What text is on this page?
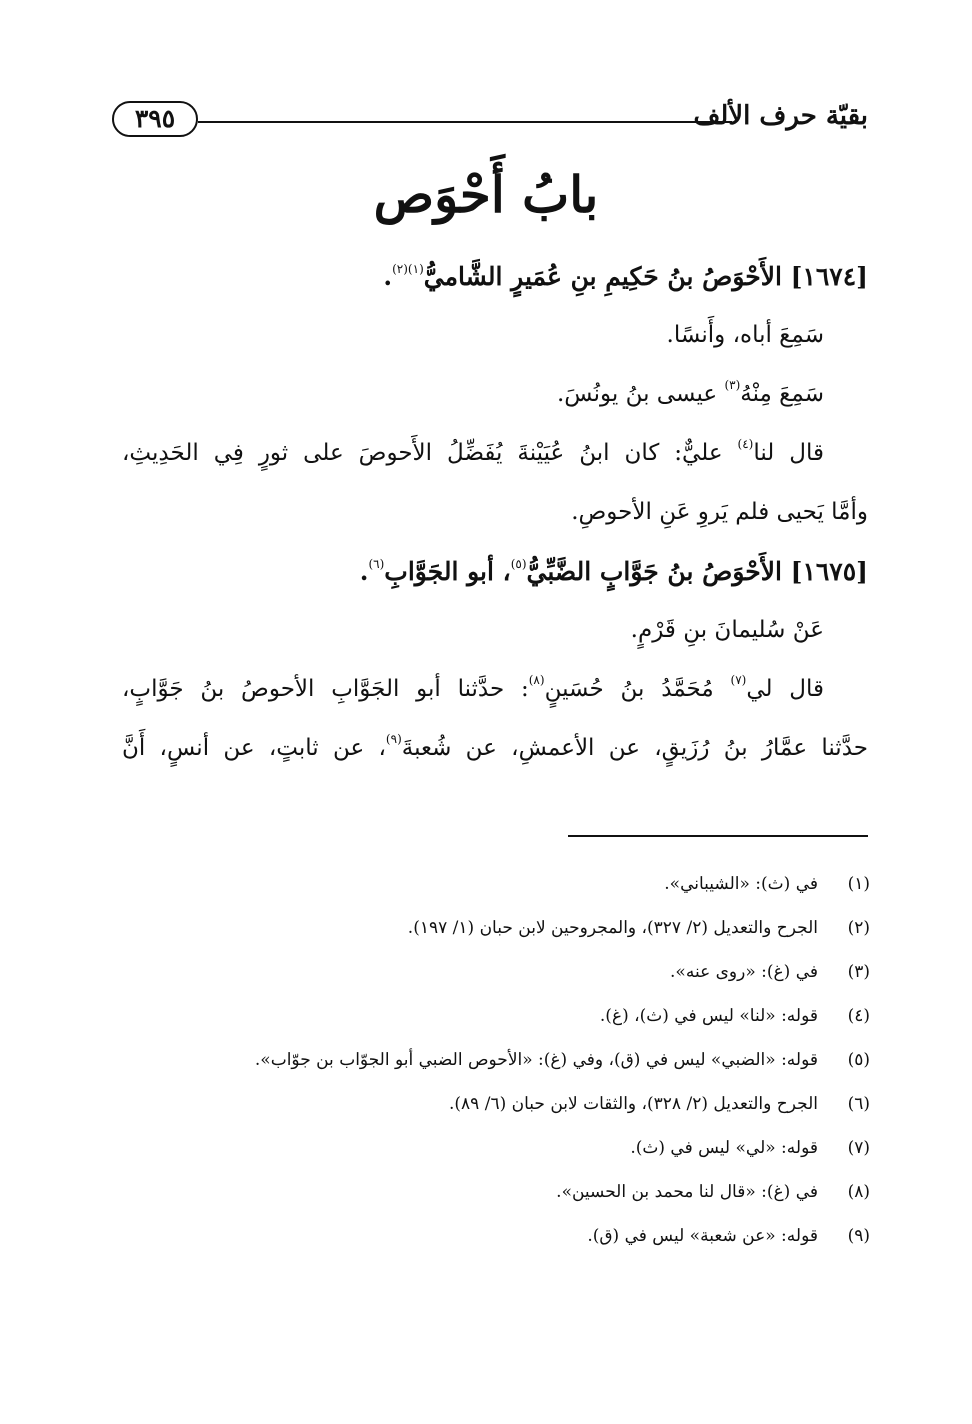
٣٩٥	بقيّة حرف الألف
بابُ أَحْوَص
[١٦٧٤] الأَحْوَصُ بنُ حَكِيمِ بنِ عُمَيرٍ الشَّاميُّ$^{(١)(٢)}$.
سَمِعَ أباه، وأَنسًا.
سَمِعَ مِنْهُ$^{(٣)}$ عيسى بنُ يونُسَ.
قال لنا$^{(٤)}$ عليٌّ: كان ابنُ عُيَيْنةَ يُفَضِّلُ الأَحوصَ على ثورٍ فِي الحَدِيثِ،
وأمَّا يَحيى فلم يَروِ عَنِ الأحوصِ.
[١٦٧٥] الأَحْوَصُ بنُ جَوَّابٍ الضَّبِّيُّ$^{(٥)}$، أبو الجَوَّابِ$^{(٦)}$.
عَنْ سُليمانَ بنِ قَرْمٍ.
قال لي$^{(٧)}$ مُحَمَّدُ بنُ حُسَينٍ$^{(٨)}$: حدَّثنا أبو الجَوَّابِ الأحوصُ بنُ جَوَّابٍ،
حدَّثنا عمَّارُ بنُ رُزَيقٍ، عن الأعمشِ، عن شُعبةَ$^{(٩)}$، عن ثابتٍ، عن أنسٍ، أَنَّ
(١)في (ث): «الشيباني».
(٢)الجرح والتعديل (٢/ ٣٢٧)، والمجروحين لابن حبان (١/ ١٩٧).
(٣)في (غ): «روى عنه».
(٤)قوله: «لنا» ليس في (ث)، (غ).
(٥)قوله: «الضبي» ليس في (ق)، وفي (غ): «الأحوص الضبي أبو الجوّاب بن جوّاب».
(٦)الجرح والتعديل (٢/ ٣٢٨)، والثقات لابن حبان (٦/ ٨٩).
(٧)قوله: «لي» ليس في (ث).
(٨)في (غ): «قال لنا محمد بن الحسين».
(٩)قوله: «عن شعبة» ليس في (ق).
